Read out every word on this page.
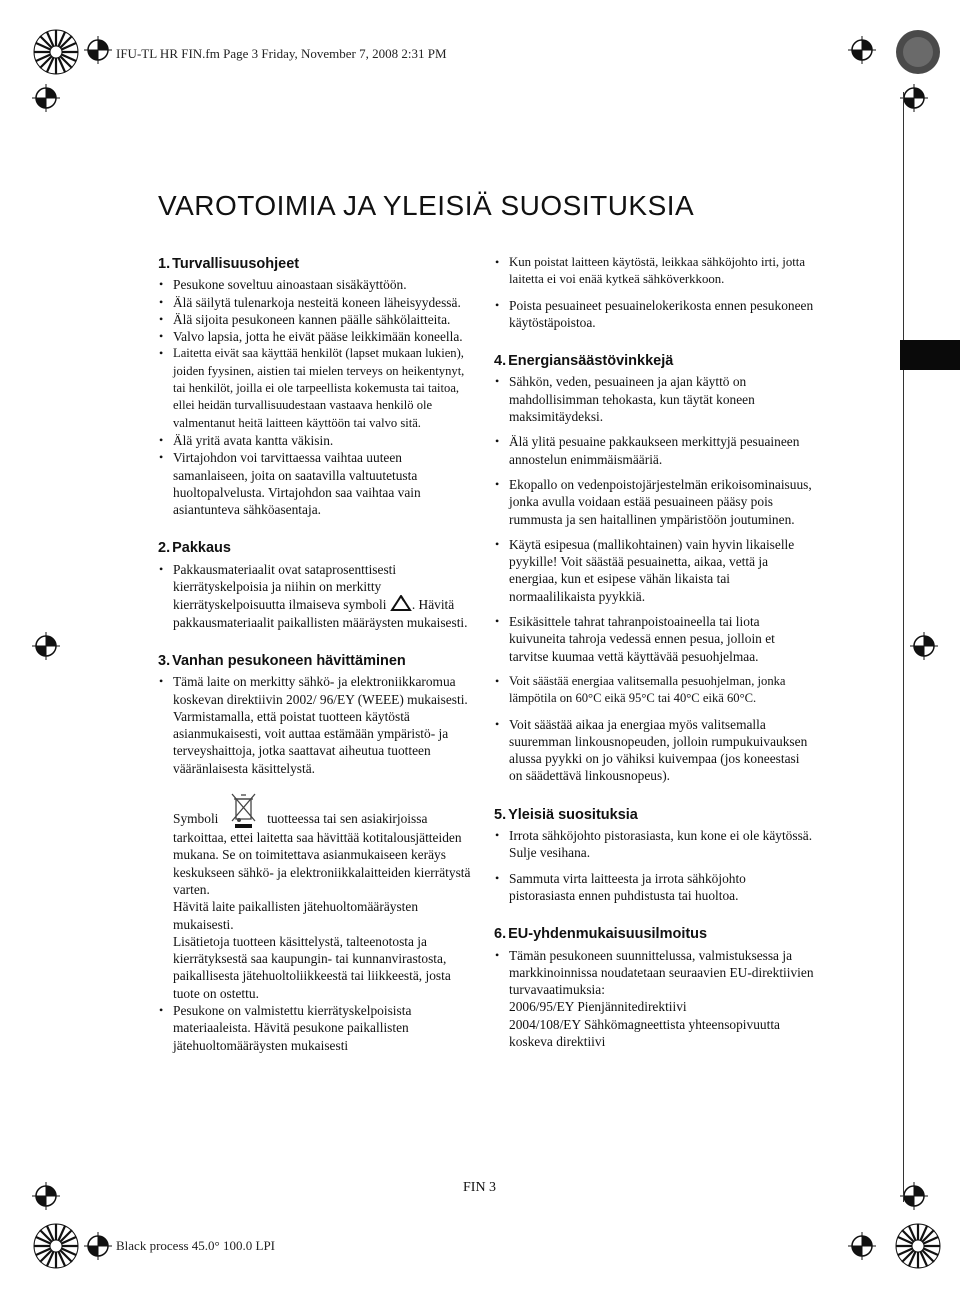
IFU-TL HR FIN.fm Page 3 Friday, November 7, 2008 2:31 PM
VAROTOIMIA JA YLEISIÄ SUOSITUKSIA
1. Turvallisuusohjeet
• Pesukone soveltuu ainoastaan sisäkäyttöön.
• Älä säilytä tulenarkoja nesteitä koneen läheisyydessä.
• Älä sijoita pesukoneen kannen päälle sähkölaitteita.
• Valvo lapsia, jotta he eivät pääse leikkimään koneella.
• Laitetta eivät saa käyttää henkilöt (lapset mukaan lukien), joiden fyysinen, aistien tai mielen terveys on heikentynyt, tai henkilöt, joilla ei ole tarpeellista kokemusta tai taitoa, ellei heidän turvallisuudestaan vastaava henkilö ole valmentanut heitä laitteen käyttöön tai valvo sitä.
• Älä yritä avata kantta väkisin.
• Virtajohdon voi tarvittaessa vaihtaa uuteen samanlaiseen, joita on saatavilla valtuutetusta huoltopalvelusta. Virtajohdon saa vaihtaa vain asiantunteva sähköasentaja.
2. Pakkaus
• Pakkausmateriaalit ovat sataprosenttisesti kierrätyskelpoisia ja niihin on merkitty kierrätyskelpoisuutta ilmaiseva symboli . Hävitä pakkausmateriaalit paikallisten määräysten mukaisesti.
3. Vanhan pesukoneen hävittäminen

• Tämä laite on merkitty sähkö- ja elektroniikkaromua koskevan direktiivin 2002/ 96/EY (WEEE) mukaisesti.

Varmistamalla, että poistat tuotteen käytöstä asianmukaisesti, voit auttaa estämään ympäristö- ja terveyshaittoja, jotka saattavat aiheutua tuotteen vääränlaisesta käsittelystä.

Symboli	tuotteessa tai sen asiakirjoissa tarkoittaa, ettei laitetta saa hävittää kotitalousjätteiden mukana. Se on toimitettava asianmukaiseen keräys keskukseen sähkö- ja elektroniikkalaitteiden kierrätystä varten.

Hävitä laite paikallisten jätehuoltomääräysten mukaisesti.

Lisätietoja tuotteen käsittelystä, talteenotosta ja kierrätyksestä saa kaupungin- tai kunnanvirastosta, paikallisesta jätehuoltoliikkeestä tai liikkeestä, josta tuote on ostettu.

• Pesukone on valmistettu kierrätyskelpoisista materiaaleista. Hävitä pesukone paikallisten jätehuoltomääräysten mukaisesti
• Kun poistat laitteen käytöstä, leikkaa sähköjohto irti, jotta laitetta ei voi enää kytkeä sähköverkkoon.
• Poista pesuaineet pesuainelokerikosta ennen pesukoneen käytöstäpoistoa.
4. Energiansäästövinkkejä
• Sähkön, veden, pesuaineen ja ajan käyttö on mahdollisimman tehokasta, kun täytät koneen maksimitäydeksi.
• Älä ylitä pesuaine pakkaukseen merkittyjä pesuaineen annostelun enimmäismääriä.
• Ekopallo on vedenpoistojärjestelmän erikoisominaisuus, jonka avulla voidaan estää pesuaineen pääsy pois rummusta ja sen haitallinen ympäristöön joutuminen.
• Käytä esipesua (mallikohtainen) vain hyvin likaiselle pyykille! Voit säästää pesuainetta, aikaa, vettä ja energiaa, kun et esipese vähän likaista tai normaalilikaista pyykkiä.
• Esikäsittele tahrat tahranpoistoaineella tai liota kuivuneita tahroja vedessä ennen pesua, jolloin et tarvitse kuumaa vettä käyttävää pesuohjelmaa.
• Voit säästää energiaa valitsemalla pesuohjelman, jonka lämpötila on 60°C eikä 95°C tai 40°C eikä 60°C.
• Voit säästää aikaa ja energiaa myös valitsemalla suuremman linkousnopeuden, jolloin rumpukuivauksen alussa pyykki on jo vähiksi kuivempaa (jos koneestasi on säädettävä linkousnopeus).
5. Yleisiä suosituksia
• Irrota sähköjohto pistorasiasta, kun kone ei ole käytössä. Sulje vesihana.
• Sammuta virta laitteesta ja irrota sähköjohto pistorasiasta ennen puhdistusta tai huoltoa.
6. EU-yhdenmukaisuusilmoitus
• Tämän pesukoneen suunnittelussa, valmistuksessa ja markkinoinnissa noudatetaan seuraavien EU-direktiivien turvavaatimuksia:
2006/95/EY Pienjännitedirektiivi
2004/108/EY Sähkömagneettista yhteensopivuutta koskeva direktiivi
FIN 3
Black process 45.0° 100.0 LPI
